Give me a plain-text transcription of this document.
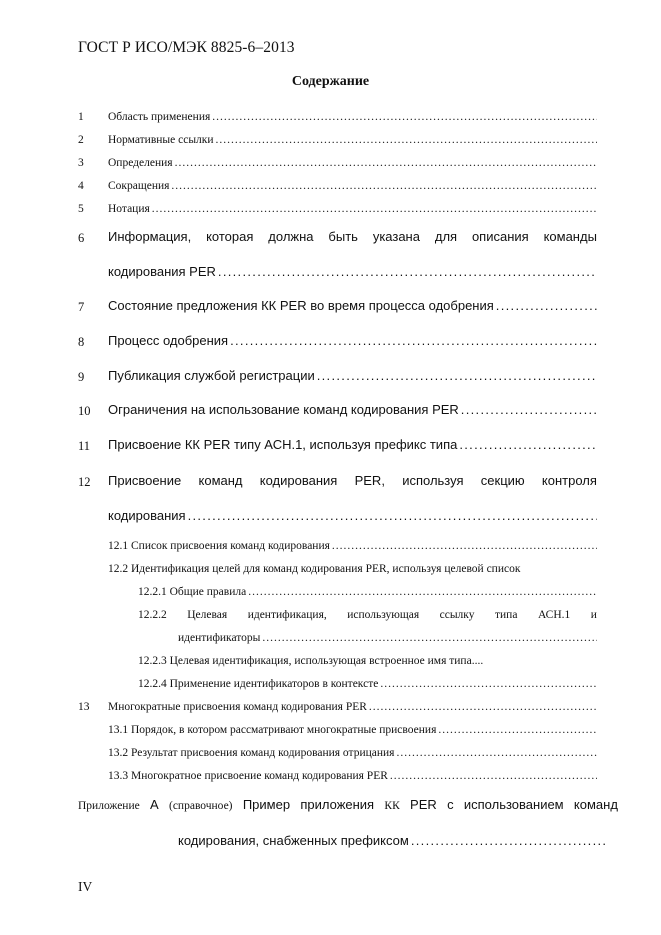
ГОСТ Р ИСО/МЭК 8825-6–2013
Содержание
1 Область применения
.....
2 Нормативные ссылки
.....
3 Определения
.....
4 Сокращения
.....
5 Нотация
.....
6 Информация, которая должна быть указана для описания команды
кодирования PER
.....
7 Состояние предложения КК PER во время процесса одобрения
.....
8 Процесс одобрения
.....
9 Публикация службой регистрации
.....
10 Ограничения на использование команд кодирования PER
.....
11 Присвоение КК PER типу АСН.1, используя префикс типа
.....
12 Присвоение команд кодирования PER, используя секцию контроля
кодирования
.....
12.1 Список присвоения команд кодирования
.....
12.2 Идентификация целей для команд кодирования PER, используя целевой список
12.2.1 Общие правила
.....
12.2.2 Целевая идентификация, использующая ссылку типа АСН.1 и
идентификаторы
.....
12.2.3 Целевая идентификация, использующая встроенное имя типа....
12.2.4 Применение идентификаторов в контексте
.....
13 Многократные присвоения команд кодирования PER
.....
13.1 Порядок, в котором рассматривают многократные присвоения
.....
13.2 Результат присвоения команд кодирования отрицания
.....
13.3 Многократное присвоение команд кодирования PER
.....
Приложение А (справочное) Пример приложения КК PER с использованием команд
кодирования, снабженных префиксом
.....
IV
